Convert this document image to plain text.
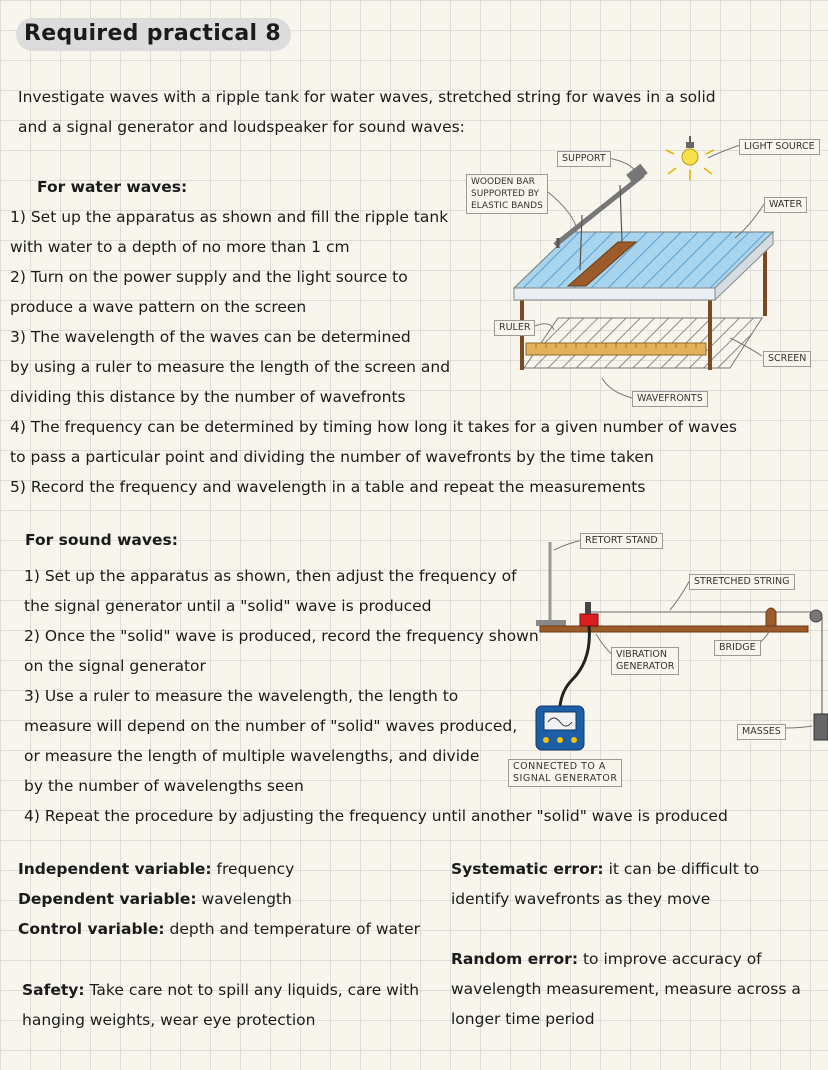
Required practical 8
Investigate waves with a ripple tank for water waves, stretched string for waves in a solid
and a signal generator and loudspeaker for sound waves:
For water waves:
1) Set up the apparatus as shown and fill the ripple tank
with water to a depth of no more than 1 cm
2) Turn on the power supply and the light source to
produce a wave pattern on the screen
3) The wavelength of the waves can be determined
by using a ruler to measure the length of the screen and
dividing this distance by the number of wavefronts
4) The frequency can be determined by timing how long it takes for a given number of waves
to pass a particular point and dividing the number of wavefronts by the time taken
5) Record the frequency and wavelength in a table and repeat the measurements
SUPPORT
LIGHT SOURCE
WOODEN BAR
SUPPORTED BY
ELASTIC BANDS	WATER
RULER
SCREEN
WAVEFRONTS
For sound waves:
1) Set up the apparatus as shown, then adjust the frequency of
the signal generator until a "solid" wave is produced
2) Once the "solid" wave is produced, record the frequency shown
on the signal generator
3) Use a ruler to measure the wavelength, the length to
measure will depend on the number of "solid" waves produced,
or measure the length of multiple wavelengths, and divide
by the number of wavelengths seen
4) Repeat the procedure by adjusting the frequency until another "solid" wave is produced
RETORT STAND
STRETCHED STRING
BRIDGE
VIBRATION
GENERATOR
MASSES
CONNECTED TO A
SIGNAL GENERATOR
Independent variable: frequency
Dependent variable: wavelength
Control variable: depth and temperature of water
Systematic error: it can be difficult to
identify wavefronts as they move
Random error: to improve accuracy of
wavelength measurement, measure across a
longer time period
Safety: Take care not to spill any liquids, care with
hanging weights, wear eye protection
